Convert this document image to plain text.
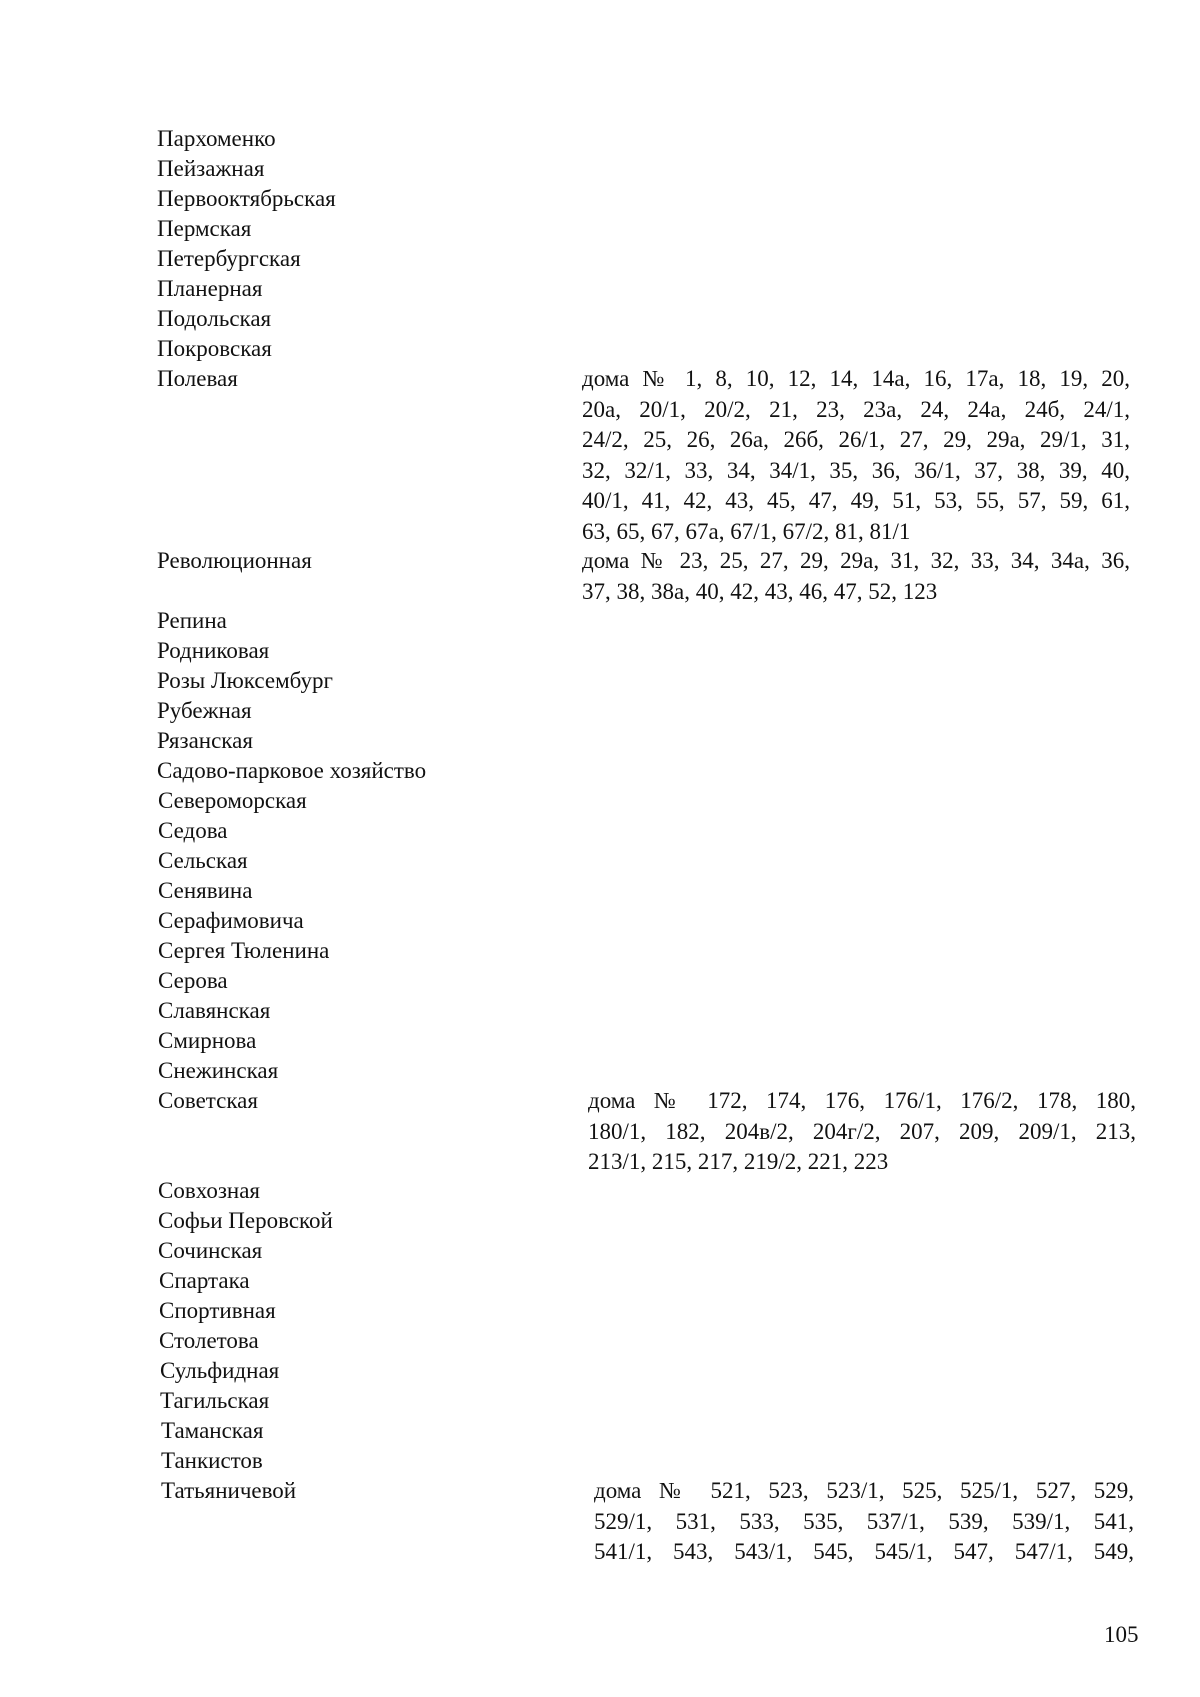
Пархоменко
Пейзажная
Первооктябрьская
Пермская
Петербургская
Планерная
Подольская
Покровская
Полевая	дома № 1, 8, 10, 12, 14, 14а, 16, 17а, 18, 19, 20,
20а, 20/1, 20/2, 21, 23, 23а, 24, 24а, 24б, 24/1,
24/2, 25, 26, 26а, 26б, 26/1, 27, 29, 29а, 29/1, 31,
32, 32/1, 33, 34, 34/1, 35, 36, 36/1, 37, 38, 39, 40,
40/1, 41, 42, 43, 45, 47, 49, 51, 53, 55, 57, 59, 61,
63, 65, 67, 67а, 67/1, 67/2, 81, 81/1
Революционная	дома № 23, 25, 27, 29, 29а, 31, 32, 33, 34, 34а, 36,
37, 38, 38а, 40, 42, 43, 46, 47, 52, 123
Репина
Родниковая
Розы Люксембург
Рубежная
Рязанская
Садово-парковое хозяйство
Североморская
Седова
Сельская
Сенявина
Серафимовича
Сергея Тюленина
Серова
Славянская
Смирнова
Снежинская
Советская	дома № 172, 174, 176, 176/1, 176/2, 178, 180,
180/1, 182, 204в/2, 204г/2, 207, 209, 209/1, 213,
213/1, 215, 217, 219/2, 221, 223
Совхозная
Софьи Перовской
Сочинская
Спартака
Спортивная
Столетова
Сульфидная
Тагильская
Таманская
Танкистов
Татьяничевой	дома № 521, 523, 523/1, 525, 525/1, 527, 529,
529/1, 531, 533, 535, 537/1, 539, 539/1, 541,
541/1, 543, 543/1, 545, 545/1, 547, 547/1, 549,
105
